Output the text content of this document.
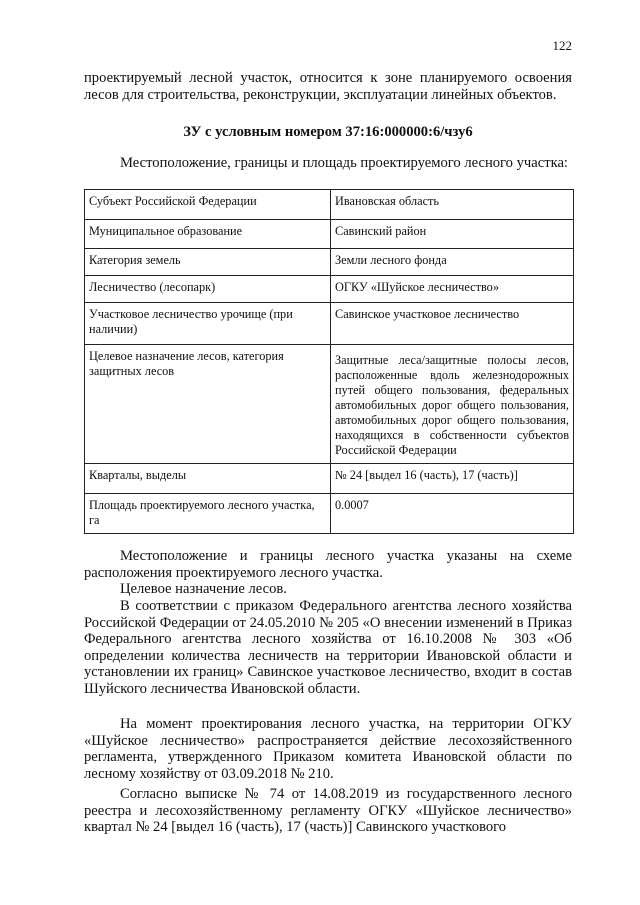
122

проектируемый лесной участок, относится к зоне планируемого освоения лесов для строительства, реконструкции, эксплуатации линейных объектов.

ЗУ с условным номером 37:16:000000:6/чзу6

Местоположение, границы и площадь проектируемого лесного участка:

Субъект Российской Федерации	Ивановская область
Муниципальное образование	Савинский район
Категория земель	Земли лесного фонда
Лесничество (лесопарк)	ОГКУ «Шуйское лесничество»
Участковое лесничество урочище (при наличии)	Савинское участковое лесничество
Целевое назначение лесов, категория защитных лесов	Защитные леса/защитные полосы лесов, расположенные вдоль железнодорожных путей общего пользования, федеральных автомобильных дорог общего пользования, автомобильных дорог общего пользования, находящихся в собственности субъектов Российской Федерации
Кварталы, выделы	№ 24 [выдел 16 (часть), 17 (часть)]
Площадь проектируемого лесного участка, га	0.0007

Местоположение и границы лесного участка указаны на схеме расположения проектируемого лесного участка.

Целевое назначение лесов.

В соответствии с приказом Федерального агентства лесного хозяйства Российской Федерации от 24.05.2010 № 205 «О внесении изменений в Приказ Федерального агентства лесного хозяйства от 16.10.2008 № 303 «Об определении количества лесничеств на территории Ивановской области и установлении их границ» Савинское участковое лесничество, входит в состав Шуйского лесничества Ивановской области.

На момент проектирования лесного участка, на территории ОГКУ «Шуйское лесничество» распространяется действие лесохозяйственного регламента, утвержденного Приказом комитета Ивановской области по лесному хозяйству от 03.09.2018 № 210.

Согласно выписке № 74 от 14.08.2019 из государственного лесного реестра и лесохозяйственному регламенту ОГКУ «Шуйское лесничество» квартал № 24 [выдел 16 (часть), 17 (часть)] Савинского участкового
